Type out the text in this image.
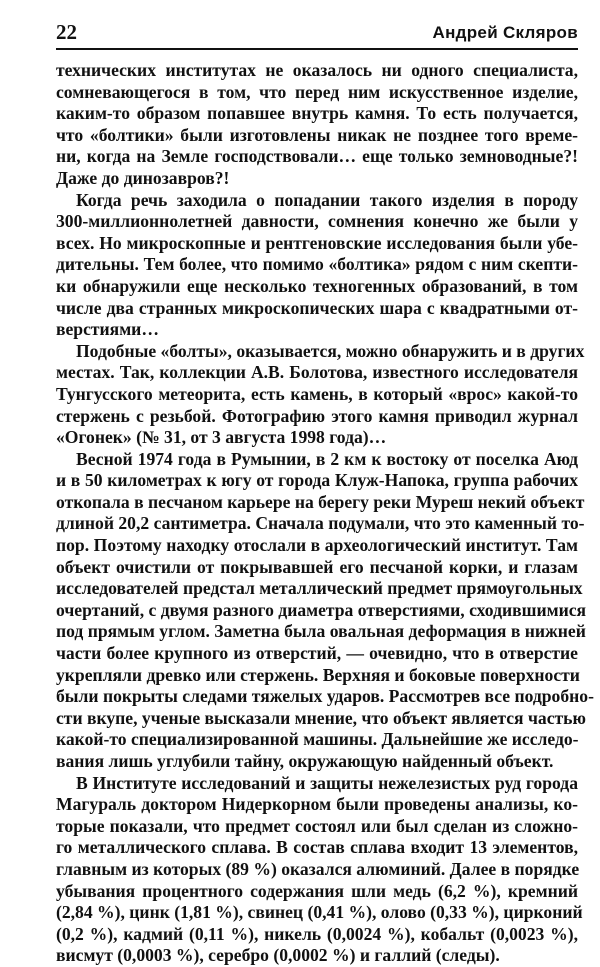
22	Андрей Скляров
технических институтах не оказалось ни одного специалиста,
сомневающегося в том, что перед ним искусственное изделие,
каким-то образом попавшее внутрь камня. То есть получается,
что «болтики» были изготовлены никак не позднее того време-
ни, когда на Земле господствовали… еще только земноводные?!
Даже до динозавров?!
Когда речь заходила о попадании такого изделия в породу
300-миллионнолетней давности, сомнения конечно же были у
всех. Но микроскопные и рентгеновские исследования были убе-
дительны. Тем более, что помимо «болтика» рядом с ним скепти-
ки обнаружили еще несколько техногенных образований, в том
числе два странных микроскопических шара с квадратными от-
верстиями…
Подобные «болты», оказывается, можно обнаружить и в других
местах. Так, коллекции А.В. Болотова, известного исследователя
Тунгусского метеорита, есть камень, в который «врос» какой-то
стержень с резьбой. Фотографию этого камня приводил журнал
«Огонек» (№ 31, от 3 августа 1998 года)…
Весной 1974 года в Румынии, в 2 км к востоку от поселка Аюд
и в 50 километрах к югу от города Клуж-Напока, группа рабочих
откопала в песчаном карьере на берегу реки Муреш некий объект
длиной 20,2 сантиметра. Сначала подумали, что это каменный то-
пор. Поэтому находку отослали в археологический институт. Там
объект очистили от покрывавшей его песчаной корки, и глазам
исследователей предстал металлический предмет прямоугольных
очертаний, с двумя разного диаметра отверстиями, сходившимися
под прямым углом. Заметна была овальная деформация в нижней
части более крупного из отверстий, — очевидно, что в отверстие
укрепляли древко или стержень. Верхняя и боковые поверхности
были покрыты следами тяжелых ударов. Рассмотрев все подробно-
сти вкупе, ученые высказали мнение, что объект является частью
какой-то специализированной машины. Дальнейшие же исследо-
вания лишь углубили тайну, окружающую найденный объект.
В Институте исследований и защиты нежелезистых руд города
Магураль доктором Нидеркорном были проведены анализы, ко-
торые показали, что предмет состоял или был сделан из сложно-
го металлического сплава. В состав сплава входит 13 элементов,
главным из которых (89 %) оказался алюминий. Далее в порядке
убывания процентного содержания шли медь (6,2 %), кремний
(2,84 %), цинк (1,81 %), свинец (0,41 %), олово (0,33 %), цирконий
(0,2 %), кадмий (0,11 %), никель (0,0024 %), кобальт (0,0023 %),
висмут (0,0003 %), серебро (0,0002 %) и галлий (следы).
